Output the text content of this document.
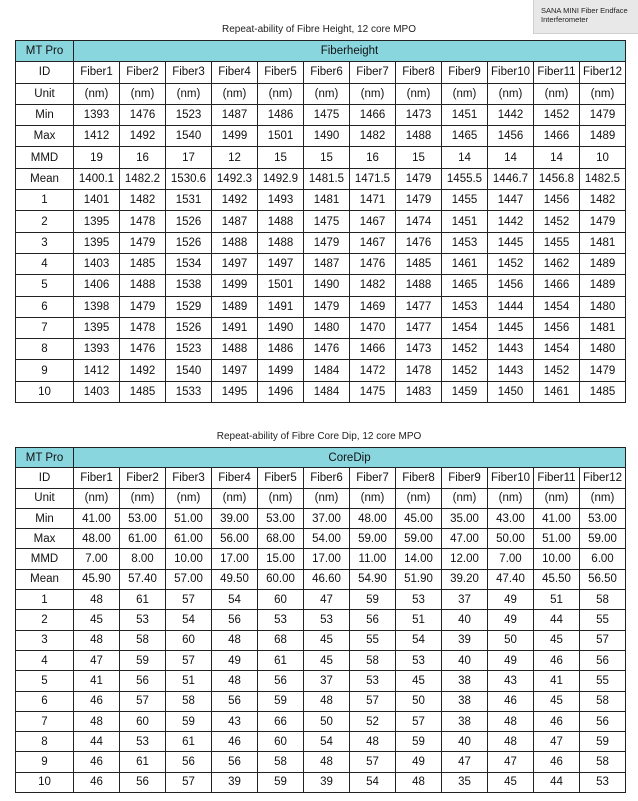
SANA MINI Fiber Endface
Interferometer
Repeat-ability of Fibre Height, 12 core MPO
MT Pro	Fiberheight											
ID	Fiber1	Fiber2	Fiber3	Fiber4	Fiber5	Fiber6	Fiber7	Fiber8	Fiber9	Fiber10	Fiber11	Fiber12
Unit	(nm)	(nm)	(nm)	(nm)	(nm)	(nm)	(nm)	(nm)	(nm)	(nm)	(nm)	(nm)
Min	1393	1476	1523	1487	1486	1475	1466	1473	1451	1442	1452	1479
Max	1412	1492	1540	1499	1501	1490	1482	1488	1465	1456	1466	1489
MMD	19	16	17	12	15	15	16	15	14	14	14	10
Mean	1400.1	1482.2	1530.6	1492.3	1492.9	1481.5	1471.5	1479	1455.5	1446.7	1456.8	1482.5
1	1401	1482	1531	1492	1493	1481	1471	1479	1455	1447	1456	1482
2	1395	1478	1526	1487	1488	1475	1467	1474	1451	1442	1452	1479
3	1395	1479	1526	1488	1488	1479	1467	1476	1453	1445	1455	1481
4	1403	1485	1534	1497	1497	1487	1476	1485	1461	1452	1462	1489
5	1406	1488	1538	1499	1501	1490	1482	1488	1465	1456	1466	1489
6	1398	1479	1529	1489	1491	1479	1469	1477	1453	1444	1454	1480
7	1395	1478	1526	1491	1490	1480	1470	1477	1454	1445	1456	1481
8	1393	1476	1523	1488	1486	1476	1466	1473	1452	1443	1454	1480
9	1412	1492	1540	1497	1499	1484	1472	1478	1452	1443	1452	1479
10	1403	1485	1533	1495	1496	1484	1475	1483	1459	1450	1461	1485
Repeat-ability of Fibre Core Dip, 12 core MPO
MT Pro	CoreDip											
ID	Fiber1	Fiber2	Fiber3	Fiber4	Fiber5	Fiber6	Fiber7	Fiber8	Fiber9	Fiber10	Fiber11	Fiber12
Unit	(nm)	(nm)	(nm)	(nm)	(nm)	(nm)	(nm)	(nm)	(nm)	(nm)	(nm)	(nm)
Min	41.00	53.00	51.00	39.00	53.00	37.00	48.00	45.00	35.00	43.00	41.00	53.00
Max	48.00	61.00	61.00	56.00	68.00	54.00	59.00	59.00	47.00	50.00	51.00	59.00
MMD	7.00	8.00	10.00	17.00	15.00	17.00	11.00	14.00	12.00	7.00	10.00	6.00
Mean	45.90	57.40	57.00	49.50	60.00	46.60	54.90	51.90	39.20	47.40	45.50	56.50
1	48	61	57	54	60	47	59	53	37	49	51	58
2	45	53	54	56	53	53	56	51	40	49	44	55
3	48	58	60	48	68	45	55	54	39	50	45	57
4	47	59	57	49	61	45	58	53	40	49	46	56
5	41	56	51	48	56	37	53	45	38	43	41	55
6	46	57	58	56	59	48	57	50	38	46	45	58
7	48	60	59	43	66	50	52	57	38	48	46	56
8	44	53	61	46	60	54	48	59	40	48	47	59
9	46	61	56	56	58	48	57	49	47	47	46	58
10	46	56	57	39	59	39	54	48	35	45	44	53
